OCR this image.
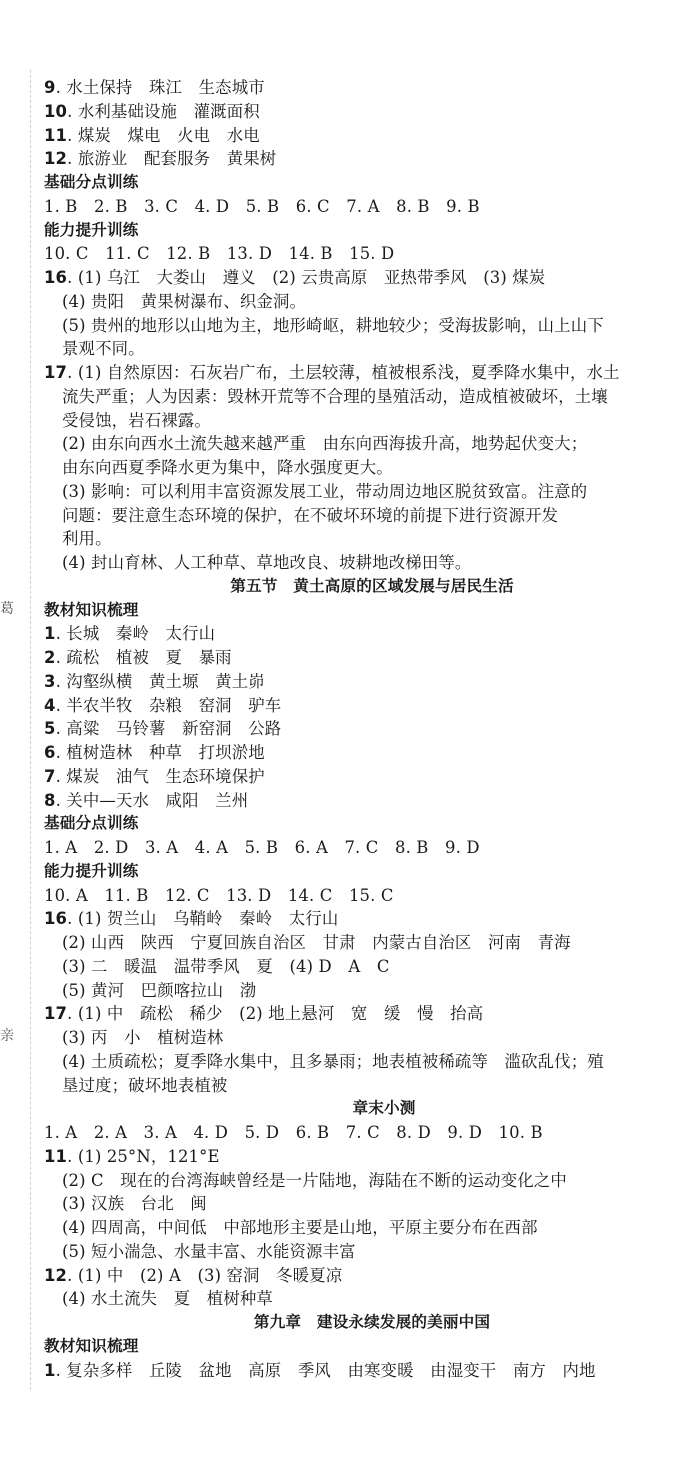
葛
亲
9. 水土保持　珠江　生态城市
10. 水利基础设施　灌溉面积
11. 煤炭　煤电　火电　水电
12. 旅游业　配套服务　黄果树
基础分点训练
1. B　2. B　3. C　4. D　5. B　6. C　7. A　8. B　9. B
能力提升训练
10. C　11. C　12. B　13. D　14. B　15. D
16. (1) 乌江　大娄山　遵义　(2) 云贵高原　亚热带季风　(3) 煤炭
(4) 贵阳　黄果树瀑布、织金洞。
(5) 贵州的地形以山地为主，地形崎岖，耕地较少；受海拔影响，山上山下
景观不同。
17. (1) 自然原因：石灰岩广布，土层较薄，植被根系浅，夏季降水集中，水土
流失严重；人为因素：毁林开荒等不合理的垦殖活动，造成植被破坏，土壤
受侵蚀，岩石裸露。
(2) 由东向西水土流失越来越严重　由东向西海拔升高，地势起伏变大；
由东向西夏季降水更为集中，降水强度更大。
(3) 影响：可以利用丰富资源发展工业，带动周边地区脱贫致富。注意的
问题：要注意生态环境的保护，在不破坏环境的前提下进行资源开发
利用。
(4) 封山育林、人工种草、草地改良、坡耕地改梯田等。
第五节　黄土高原的区域发展与居民生活
教材知识梳理
1. 长城　秦岭　太行山
2. 疏松　植被　夏　暴雨
3. 沟壑纵横　黄土塬　黄土峁
4. 半农半牧　杂粮　窑洞　驴车
5. 高粱　马铃薯　新窑洞　公路
6. 植树造林　种草　打坝淤地
7. 煤炭　油气　生态环境保护
8. 关中—天水　咸阳　兰州
基础分点训练
1. A　2. D　3. A　4. A　5. B　6. A　7. C　8. B　9. D
能力提升训练
10. A　11. B　12. C　13. D　14. C　15. C
16. (1) 贺兰山　乌鞘岭　秦岭　太行山
(2) 山西　陕西　宁夏回族自治区　甘肃　内蒙古自治区　河南　青海
(3) 二　暖温　温带季风　夏　(4) D　A　C
(5) 黄河　巴颜喀拉山　渤
17. (1) 中　疏松　稀少　(2) 地上悬河　宽　缓　慢　抬高
(3) 丙　小　植树造林
(4) 土质疏松；夏季降水集中，且多暴雨；地表植被稀疏等　滥砍乱伐；殖
垦过度；破坏地表植被
章末小测
1. A　2. A　3. A　4. D　5. D　6. B　7. C　8. D　9. D　10. B
11. (1) 25°N，121°E
(2) C　现在的台湾海峡曾经是一片陆地，海陆在不断的运动变化之中
(3) 汉族　台北　闽
(4) 四周高，中间低　中部地形主要是山地，平原主要分布在西部
(5) 短小湍急、水量丰富、水能资源丰富
12. (1) 中　(2) A　(3) 窑洞　冬暖夏凉
(4) 水土流失　夏　植树种草
第九章　建设永续发展的美丽中国
教材知识梳理
1. 复杂多样　丘陵　盆地　高原　季风　由寒变暖　由湿变干　南方　内地
